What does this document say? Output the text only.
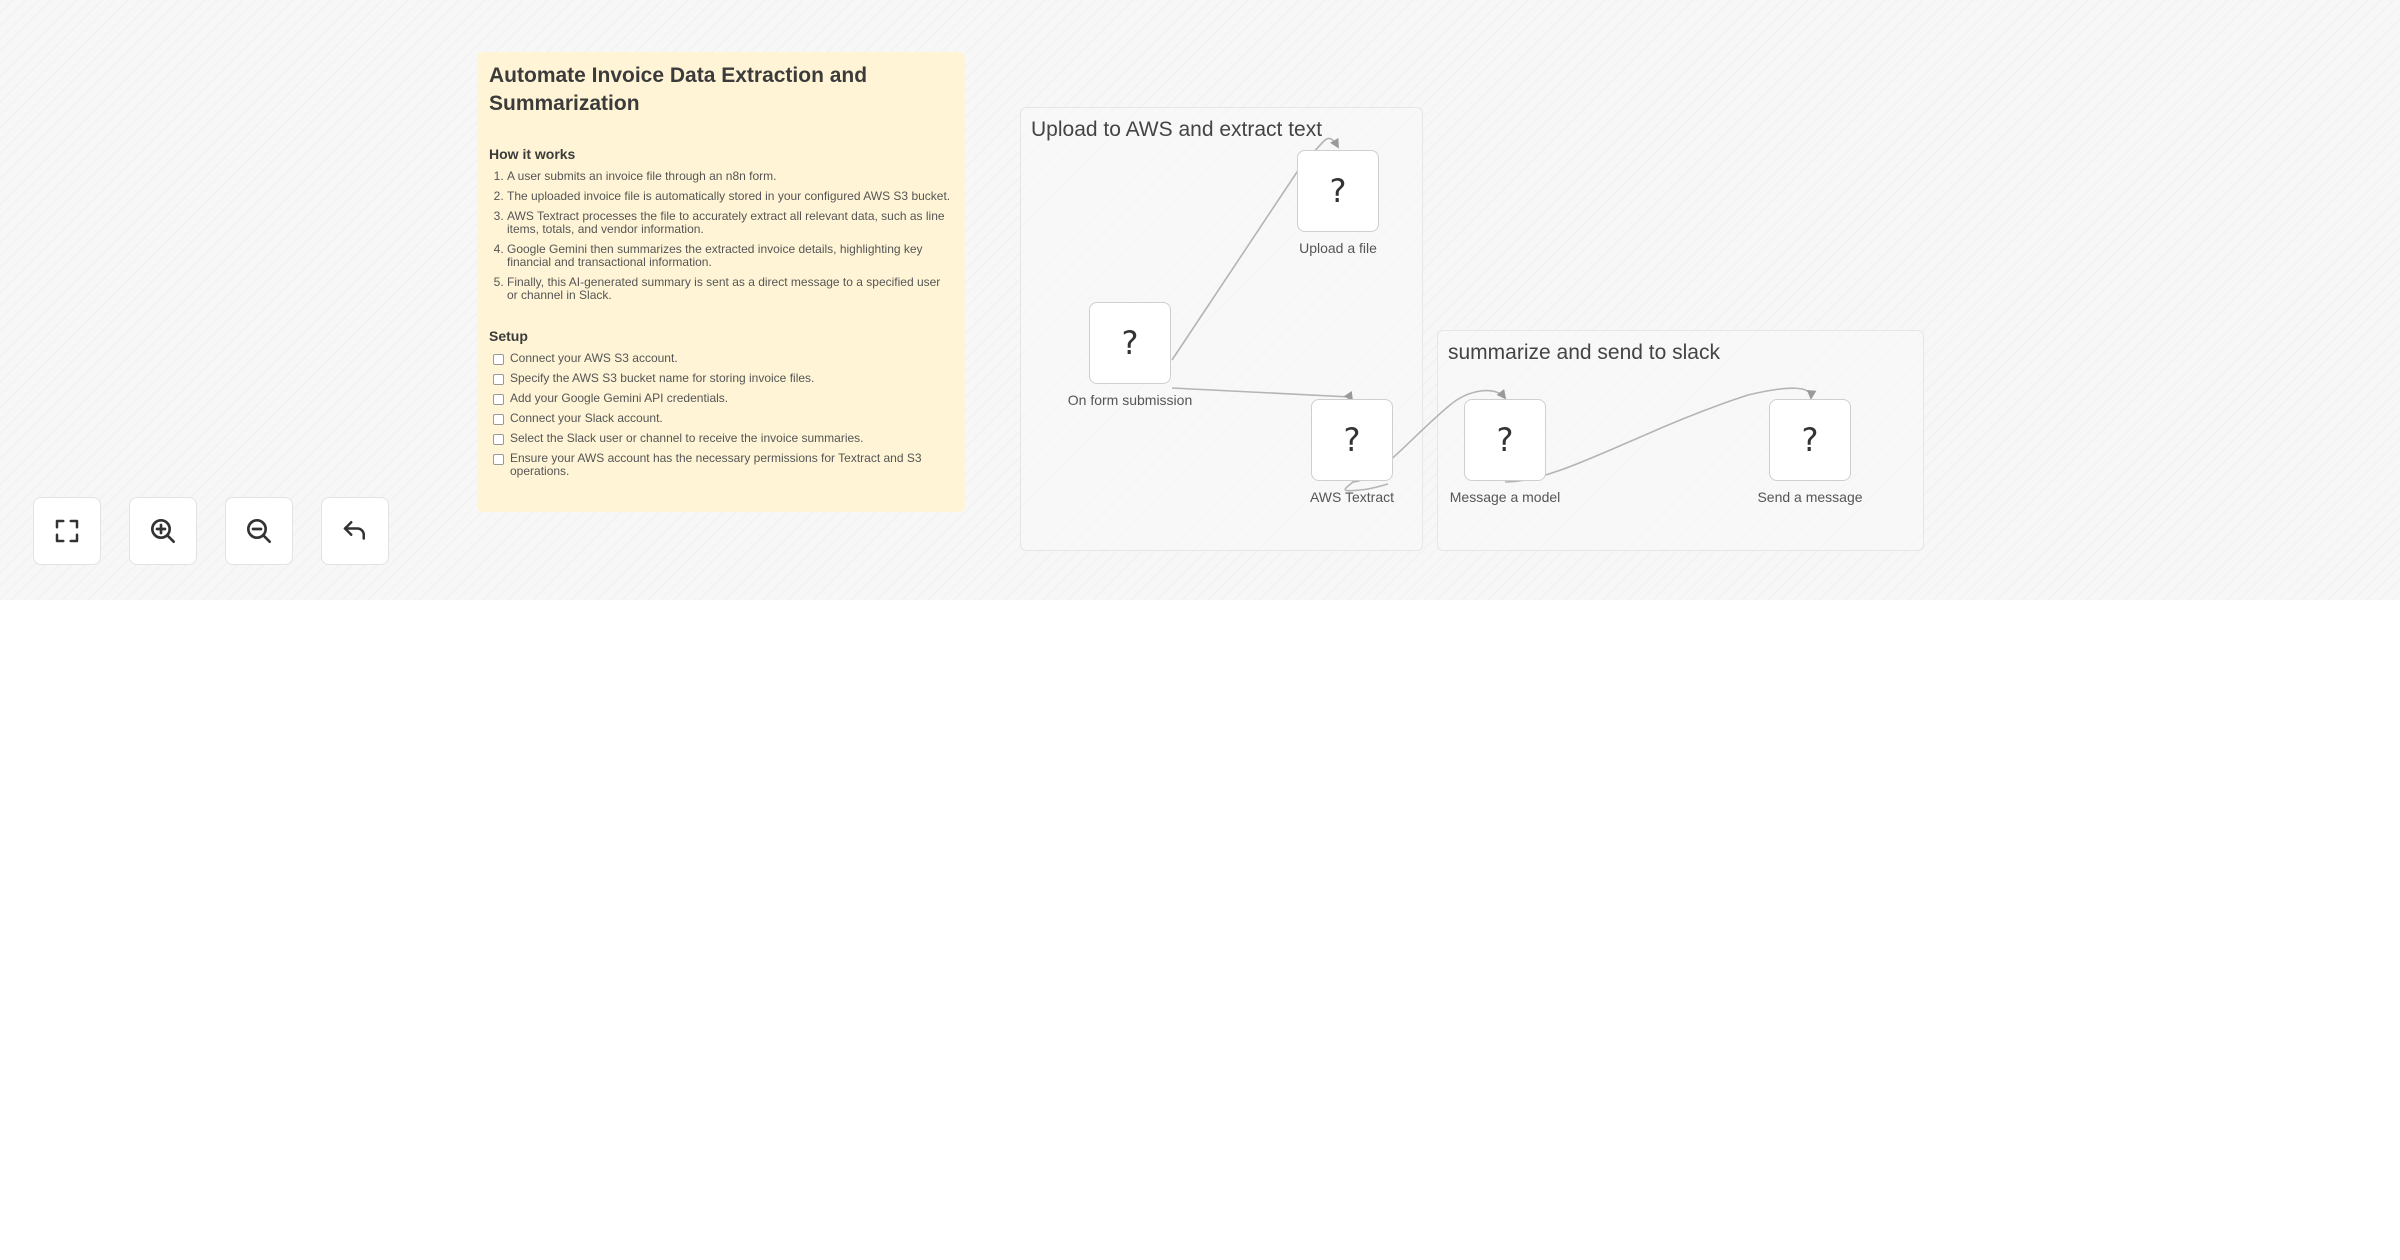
Automate Invoice Data Extraction and Summarization
How it works
1. A user submits an invoice file through an n8n form.
2. The uploaded invoice file is automatically stored in your configured AWS S3 bucket.
3. AWS Textract processes the file to accurately extract all relevant data, such as line items, totals, and vendor information.
4. Google Gemini then summarizes the extracted invoice details, highlighting key financial and transactional information.
5. Finally, this AI-generated summary is sent as a direct message to a specified user or channel in Slack.
Setup
Connect your AWS S3 account.
Specify the AWS S3 bucket name for storing invoice files.
Add your Google Gemini API credentials.
Connect your Slack account.
Select the Slack user or channel to receive the invoice summaries.
Ensure your AWS account has the necessary permissions for Textract and S3 operations.
Upload to AWS and extract text
summarize and send to slack
?
On form submission
?
Upload a file
?
AWS Textract
?
Message a model
?
Send a message
